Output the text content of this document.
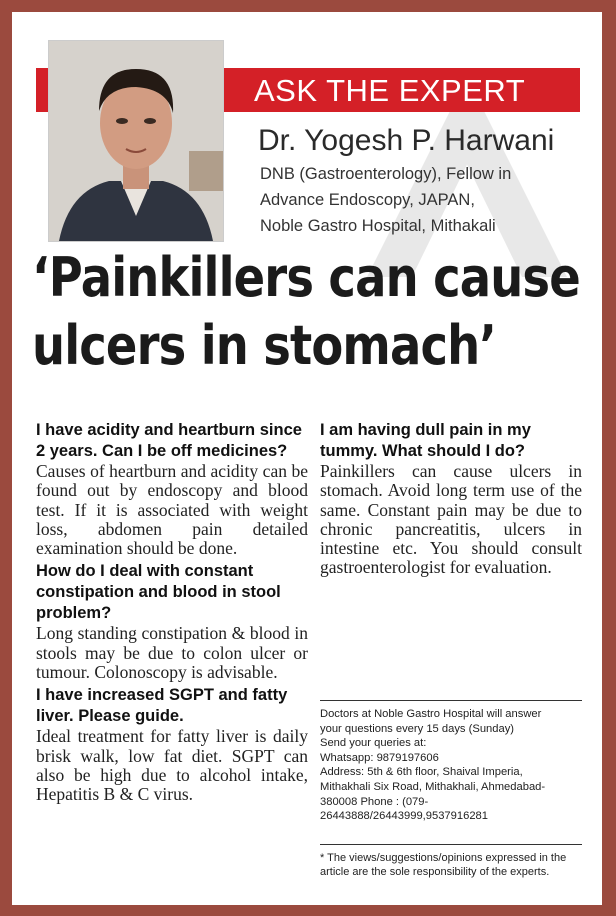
ASK THE EXPERT
Dr. Yogesh P. Harwani
DNB (Gastroenterology), Fellow in
Advance Endoscopy, JAPAN,
Noble Gastro Hospital, Mithakali
‘Painkillers can cause
ulcers in stomach’

I have acidity and heartburn since 2 years. Can I be off medicines?

Causes of heartburn and acidity can be found out by endoscopy and blood test. If it is associated with weight loss, abdomen pain detailed examination should be done.

How do I deal with constant constipation and blood in stool problem?

Long standing constipation & blood in stools may be due to colon ulcer or tumour. Colonoscopy is advisable.

I have increased SGPT and fatty liver. Please guide.

Ideal treatment for fatty liver is daily brisk walk, low fat diet. SGPT can also be high due to alcohol intake, Hepatitis B & C virus.

I am having dull pain in my tummy. What should I do?

Painkillers can cause ulcers in stomach. Avoid long term use of the same. Constant pain may be due to chronic pancreatitis, ulcers in intestine etc. You should consult gastroenterologist for evaluation.

Doctors at Noble Gastro Hospital will answer

your questions every 15 days (Sunday)

Send your queries at:

Whatsapp: 9879197606

Address: 5th & 6th floor, Shaival Imperia,

Mithakhali Six Road, Mithakhali, Ahmedabad-

380008 Phone : (079-

26443888/26443999,9537916281

* The views/suggestions/opinions expressed in the article are the sole responsibility of the experts.
